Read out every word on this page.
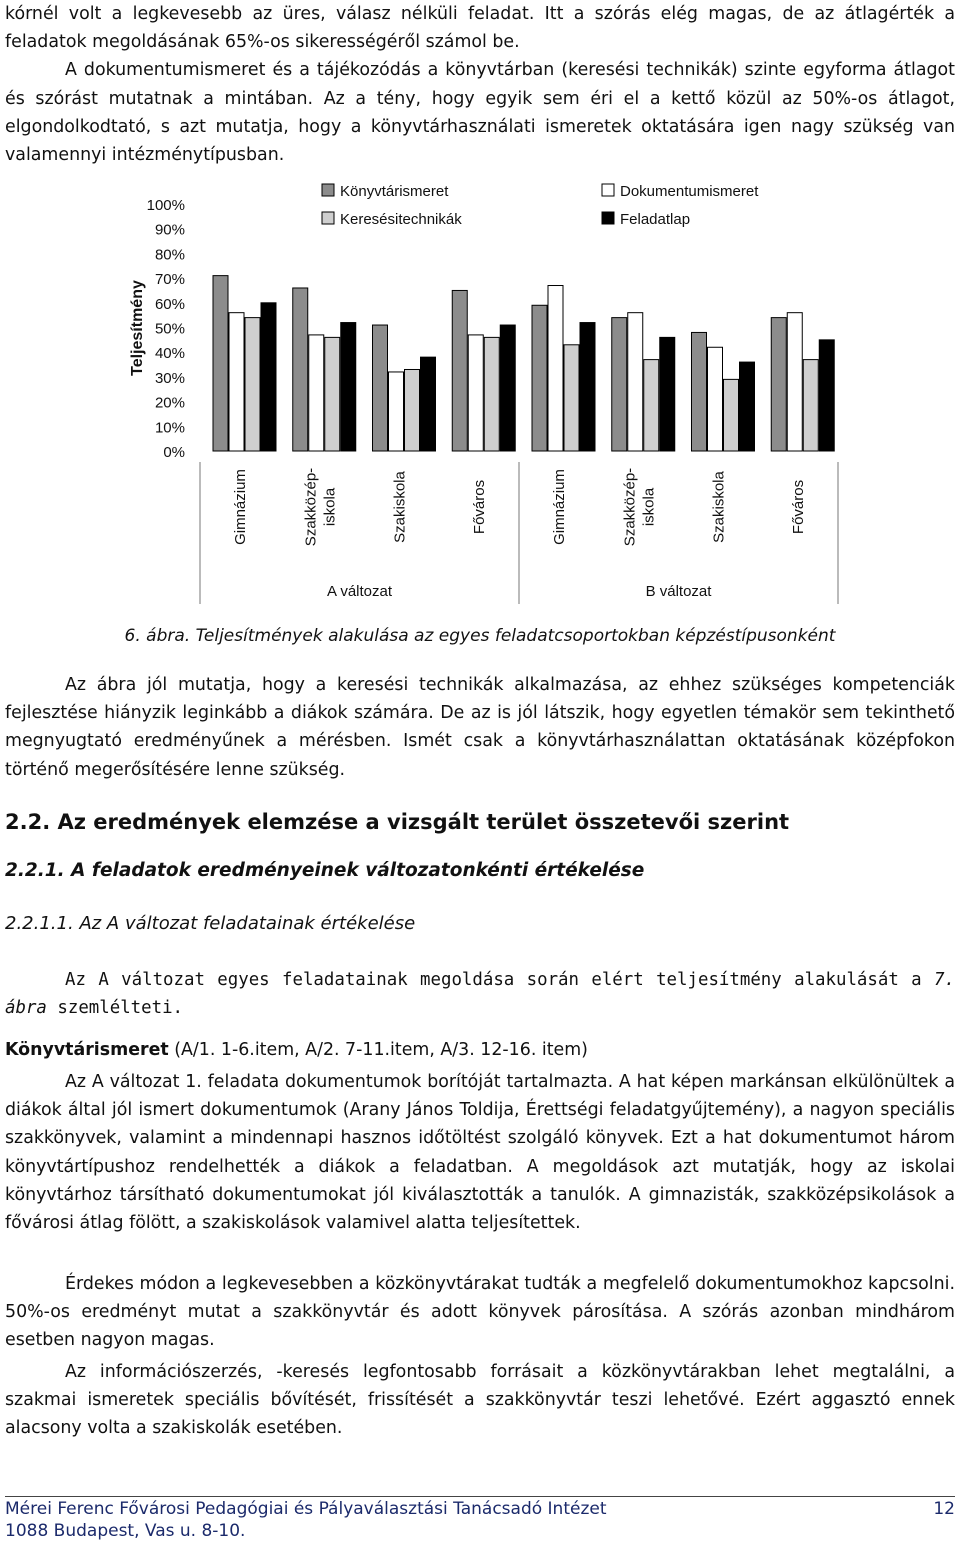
kórnél volt a legkevesebb az üres, válasz nélküli feladat. Itt a szórás elég magas, de az átlagérték a feladatok megoldásának 65%-os sikerességéről számol be.

A dokumentumismeret és a tájékozódás a könyvtárban (keresési technikák) szinte egyforma átlagot és szórást mutatnak a mintában. Az a tény, hogy egyik sem éri el a kettő közül az 50%-os átlagot, elgondolkodtató, s azt mutatja, hogy a könyvtárhasználati ismeretek oktatására igen nagy szükség van valamennyi intézménytípusban.

Teljesítmény
100%
90%
80%
70%
60%
50%
40%
30%
20%
10%
0%
Könyvtárismeret	Dokumentumismeret
Keresésitechnikák	Feladatlap
Gimnázium	Szakközép- iskola	Szakiskola	Főváros	Gimnázium	Szakközép- iskola	Szakiskola	Főváros
A változat	B változat
6. ábra. Teljesítmények alakulása az egyes feladatcsoportokban képzéstípusonként

Az ábra jól mutatja, hogy a keresési technikák alkalmazása, az ehhez szükséges kompetenciák fejlesztése hiányzik leginkább a diákok számára. De az is jól látszik, hogy egyetlen témakör sem tekinthető megnyugtató eredményűnek a mérésben. Ismét csak a könyvtárhasználattan oktatásának középfokon történő megerősítésére lenne szükség.

2.2. Az eredmények elemzése a vizsgált terület összetevői szerint
2.2.1. A feladatok eredményeinek változatonkénti értékelése
2.2.1.1. Az A változat feladatainak értékelése

Az A változat egyes feladatainak megoldása során elért teljesítmény alakulását a 7. ábra szemlélteti.

Könyvtárismeret (A/1. 1-6.item, A/2. 7-11.item, A/3. 12-16. item)

Az A változat 1. feladata dokumentumok borítóját tartalmazta. A hat képen markánsan elkülönültek a diákok által jól ismert dokumentumok (Arany János Toldija, Érettségi feladatgyűjtemény), a nagyon speciális szakkönyvek, valamint a mindennapi hasznos időtöltést szolgáló könyvek. Ezt a hat dokumentumot három könyvtártípushoz rendelhették a diákok a feladatban. A megoldások azt mutatják, hogy az iskolai könyvtárhoz társítható dokumentumokat jól kiválasztották a tanulók. A gimnazisták, szakközépsikolások a fővárosi átlag fölött, a szakiskolások valamivel alatta teljesítettek.

Érdekes módon a legkevesebben a közkönyvtárakat tudták a megfelelő dokumentumokhoz kapcsolni. 50%-os eredményt mutat a szakkönyvtár és adott könyvek párosítása. A szórás azonban mindhárom esetben nagyon magas.

Az információszerzés, -keresés legfontosabb forrásait a közkönyvtárakban lehet megtalálni, a szakmai ismeretek speciális bővítését, frissítését a szakkönyvtár teszi lehetővé. Ezért aggasztó ennek alacsony volta a szakiskolák esetében.

Mérei Ferenc Fővárosi Pedagógiai és Pályaválasztási Tanácsadó Intézet
1088 Budapest, Vas u. 8-10.
12
